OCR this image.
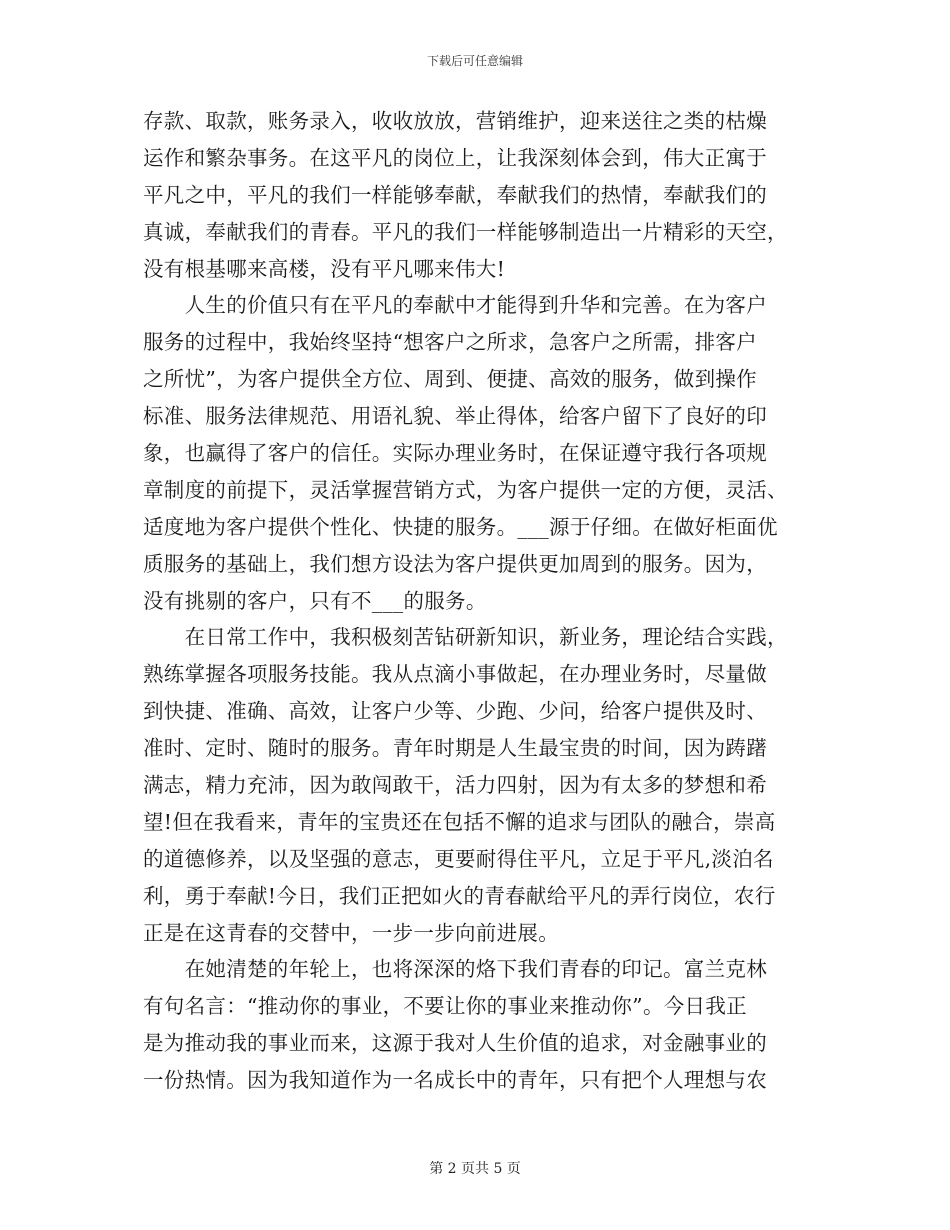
下载后可任意编辑
存款、取款，账务录入，收收放放，营销维护，迎来送往之类的枯燥
运作和繁杂事务。在这平凡的岗位上，让我深刻体会到，伟大正寓于
平凡之中，平凡的我们一样能够奉献，奉献我们的热情，奉献我们的
真诚，奉献我们的青春。平凡的我们一样能够制造出一片精彩的天空，
没有根基哪来高楼，没有平凡哪来伟大!
　　人生的价值只有在平凡的奉献中才能得到升华和完善。在为客户
服务的过程中，我始终坚持“想客户之所求，急客户之所需，排客户
之所忧”，为客户提供全方位、周到、便捷、高效的服务，做到操作
标准、服务法律规范、用语礼貌、举止得体，给客户留下了良好的印
象，也赢得了客户的信任。实际办理业务时，在保证遵守我行各项规
章制度的前提下，灵活掌握营销方式，为客户提供一定的方便，灵活、
适度地为客户提供个性化、快捷的服务。___源于仔细。在做好柜面优
质服务的基础上，我们想方设法为客户提供更加周到的服务。因为，
没有挑剔的客户，只有不___的服务。
　　在日常工作中，我积极刻苦钻研新知识，新业务，理论结合实践，
熟练掌握各项服务技能。我从点滴小事做起，在办理业务时，尽量做
到快捷、准确、高效，让客户少等、少跑、少问，给客户提供及时、
准时、定时、随时的服务。青年时期是人生最宝贵的时间，因为踌躇
满志，精力充沛，因为敢闯敢干，活力四射，因为有太多的梦想和希
望!但在我看来，青年的宝贵还在包括不懈的追求与团队的融合，崇高
的道德修养，以及坚强的意志，更要耐得住平凡，立足于平凡,淡泊名
利，勇于奉献!今日，我们正把如火的青春献给平凡的弄行岗位，农行
正是在这青春的交替中，一步一步向前进展。
　　在她清楚的年轮上，也将深深的烙下我们青春的印记。富兰克林
有句名言：“推动你的事业，不要让你的事业来推动你”。今日我正
是为推动我的事业而来，这源于我对人生价值的追求，对金融事业的
一份热情。因为我知道作为一名成长中的青年，只有把个人理想与农
第 2 页共 5 页
